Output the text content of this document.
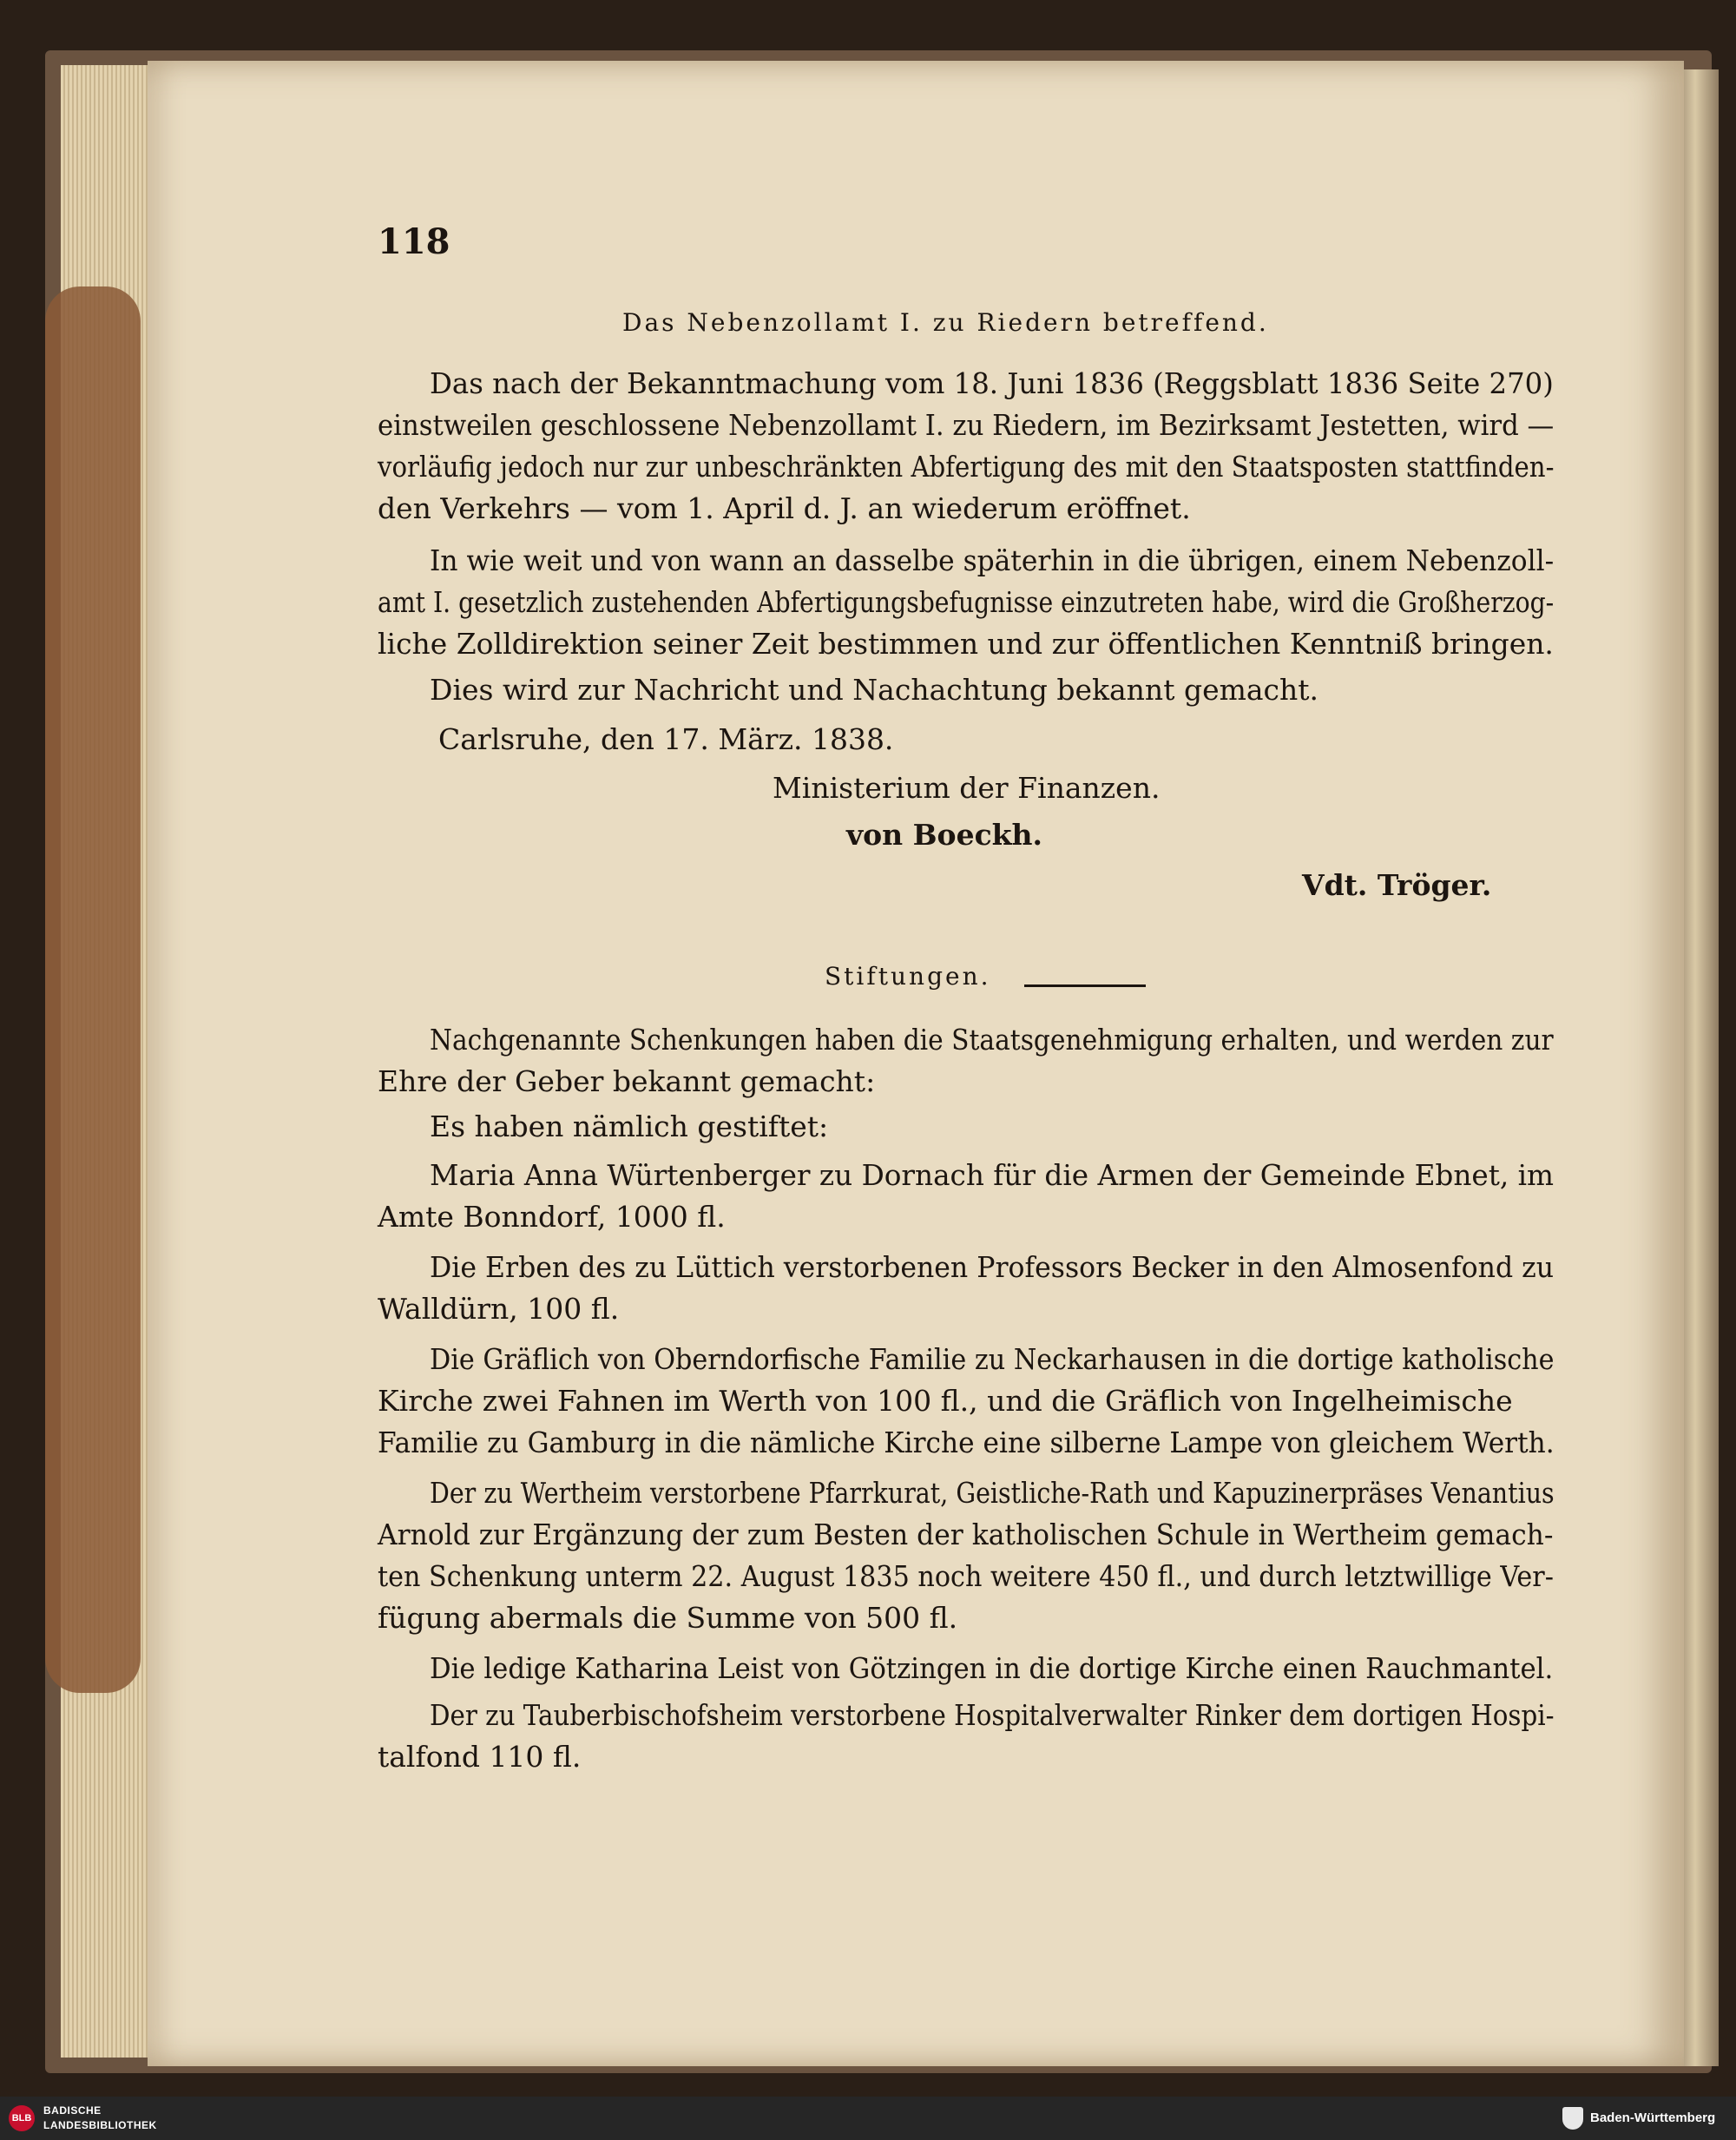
118
Das Nebenzollamt I. zu Riedern betreffend.
Das nach der Bekanntmachung vom 18. Juni 1836 (Reggsblatt 1836 Seite 270)
einstweilen geschlossene Nebenzollamt I. zu Riedern, im Bezirksamt Jestetten, wird —
vorläufig jedoch nur zur unbeschränkten Abfertigung des mit den Staatsposten stattfinden-
den Verkehrs — vom 1. April d. J. an wiederum eröffnet.
In wie weit und von wann an dasselbe späterhin in die übrigen, einem Nebenzoll-
amt I. gesetzlich zustehenden Abfertigungsbefugnisse einzutreten habe, wird die Großherzog-
liche Zolldirektion seiner Zeit bestimmen und zur öffentlichen Kenntniß bringen.
Dies wird zur Nachricht und Nachachtung bekannt gemacht.
Carlsruhe, den 17. März. 1838.
Ministerium der Finanzen.
von Boeckh.
Vdt. Tröger.
Stiftungen.
Nachgenannte Schenkungen haben die Staatsgenehmigung erhalten, und werden zur
Ehre der Geber bekannt gemacht:
Es haben nämlich gestiftet:
Maria Anna Würtenberger zu Dornach für die Armen der Gemeinde Ebnet, im
Amte Bonndorf, 1000 fl.
Die Erben des zu Lüttich verstorbenen Professors Becker in den Almosenfond zu
Walldürn, 100 fl.
Die Gräflich von Oberndorfische Familie zu Neckarhausen in die dortige katholische
Kirche zwei Fahnen im Werth von 100 fl., und die Gräflich von Ingelheimische
Familie zu Gamburg in die nämliche Kirche eine silberne Lampe von gleichem Werth.
Der zu Wertheim verstorbene Pfarrkurat, Geistliche-Rath und Kapuzinerpräses Venantius
Arnold zur Ergänzung der zum Besten der katholischen Schule in Wertheim gemach-
ten Schenkung unterm 22. August 1835 noch weitere 450 fl., und durch letztwillige Ver-
fügung abermals die Summe von 500 fl.
Die ledige Katharina Leist von Götzingen in die dortige Kirche einen Rauchmantel.
Der zu Tauberbischofsheim verstorbene Hospitalverwalter Rinker dem dortigen Hospi-
talfond 110 fl.
BLB
BADISCHE
LANDESBIBLIOTHEK	Baden-Württemberg
